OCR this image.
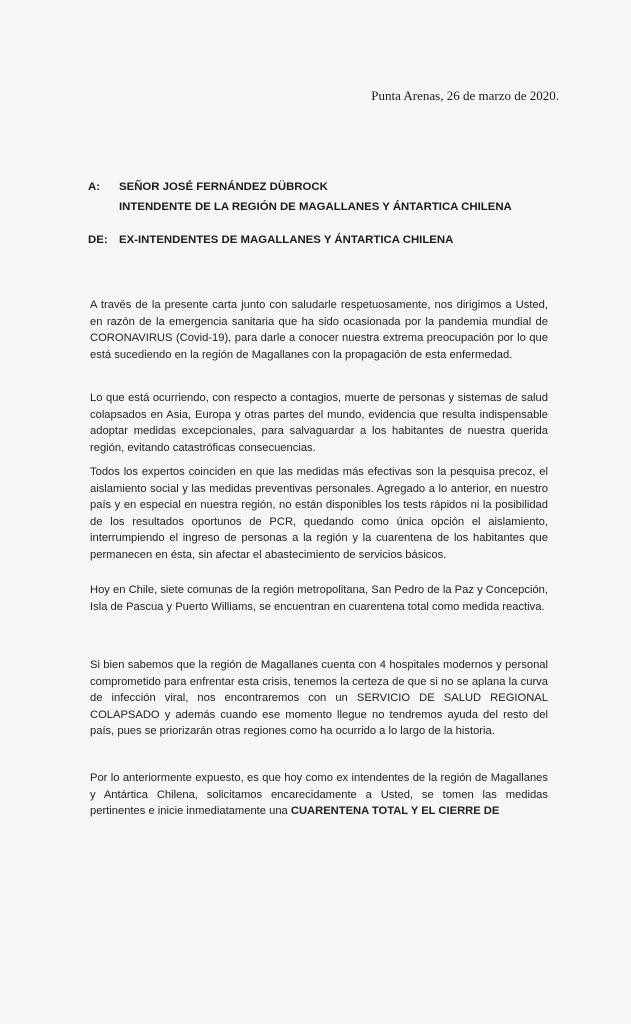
Punta Arenas, 26 de marzo de 2020.
A:	SEÑOR JOSÉ FERNÁNDEZ DÜBROCK
INTENDENTE DE LA REGIÓN DE MAGALLANES Y ÁNTARTICA CHILENA
DE: EX-INTENDENTES DE MAGALLANES Y ÁNTARTICA CHILENA

A través de la presente carta junto con saludarle respetuosamente, nos dirigimos a Usted, en razón de la emergencia sanitaria que ha sido ocasionada por la pandemia mundial de CORONAVIRUS (Covid-19), para darle a conocer nuestra extrema preocupación por lo que está sucediendo en la región de Magallanes con la propagación de esta enfermedad.

Lo que está ocurriendo, con respecto a contagios, muerte de personas y sistemas de salud colapsados en Asia, Europa y otras partes del mundo, evidencia que resulta indispensable adoptar medidas excepcionales, para salvaguardar a los habitantes de nuestra querida región, evitando catastróficas consecuencias.

Todos los expertos coinciden en que las medidas más efectivas son la pesquisa precoz, el aislamiento social y las medidas preventivas personales. Agregado a lo anterior, en nuestro país y en especial en nuestra región, no están disponibles los tests rápidos ni la posibilidad de los resultados oportunos de PCR, quedando como única opción el aislamiento, interrumpiendo el ingreso de personas a la región y la cuarentena de los habitantes que permanecen en ésta, sin afectar el abastecimiento de servicios básicos.

Hoy en Chile, siete comunas de la región metropolitana, San Pedro de la Paz y Concepción, Isla de Pascua y Puerto Williams, se encuentran en cuarentena total como medida reactiva.

Si bien sabemos que la región de Magallanes cuenta con 4 hospitales modernos y personal comprometido para enfrentar esta crisis, tenemos la certeza de que si no se aplana la curva de infección viral, nos encontraremos con un SERVICIO DE SALUD REGIONAL COLAPSADO y además cuando ese momento llegue no tendremos ayuda del resto del país, pues se priorizarán otras regiones como ha ocurrido a lo largo de la historia.

Por lo anteriormente expuesto, es que hoy como ex intendentes de la región de Magallanes y Antártica Chilena, solicitamos encarecidamente a Usted, se tomen las medidas pertinentes e inicie inmediatamente una CUARENTENA TOTAL Y EL CIERRE DE
